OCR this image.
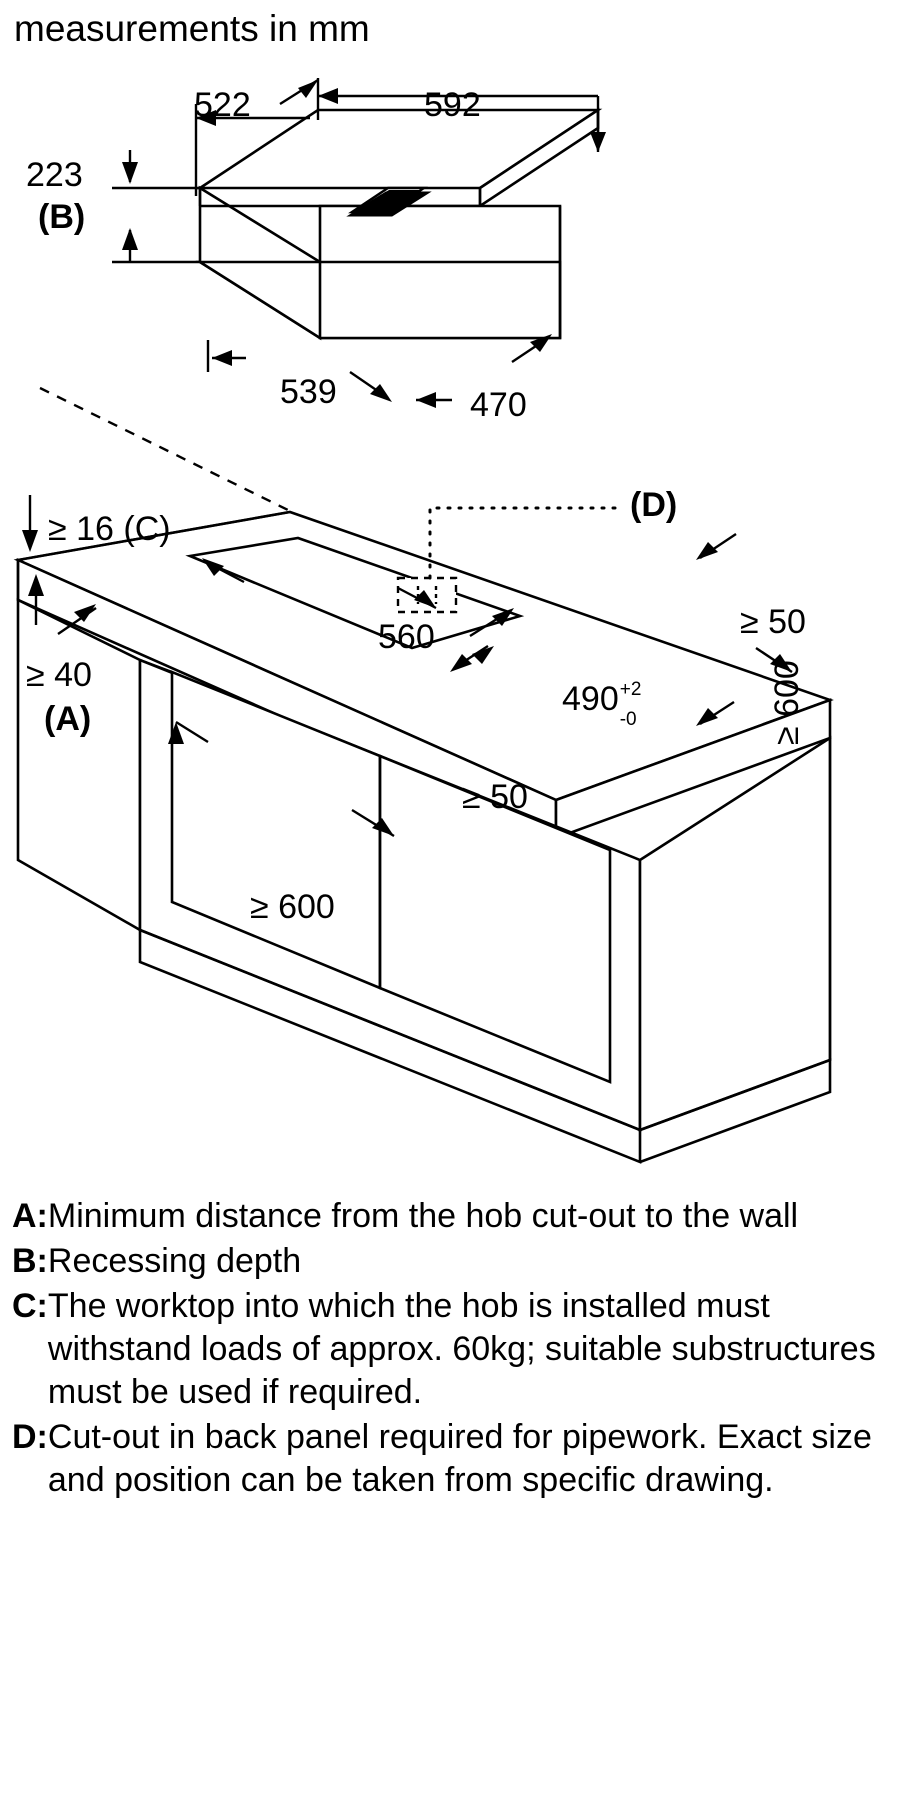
measurements in mm
522	592
223
(B)
539	470
≥ 16 (C)
≥ 40
(A)
560
490 +2
-0
≥ 50
≥ 50
≥ 600
≥ 600
(D)
A: Minimum distance from the hob cut-out to the wall
B: Recessing depth
C: The worktop into which the hob is installed must withstand loads of approx. 60kg; suitable substructures must be used if required.
D: Cut-out in back panel required for pipework. Exact size and position can be taken from specific drawing.
